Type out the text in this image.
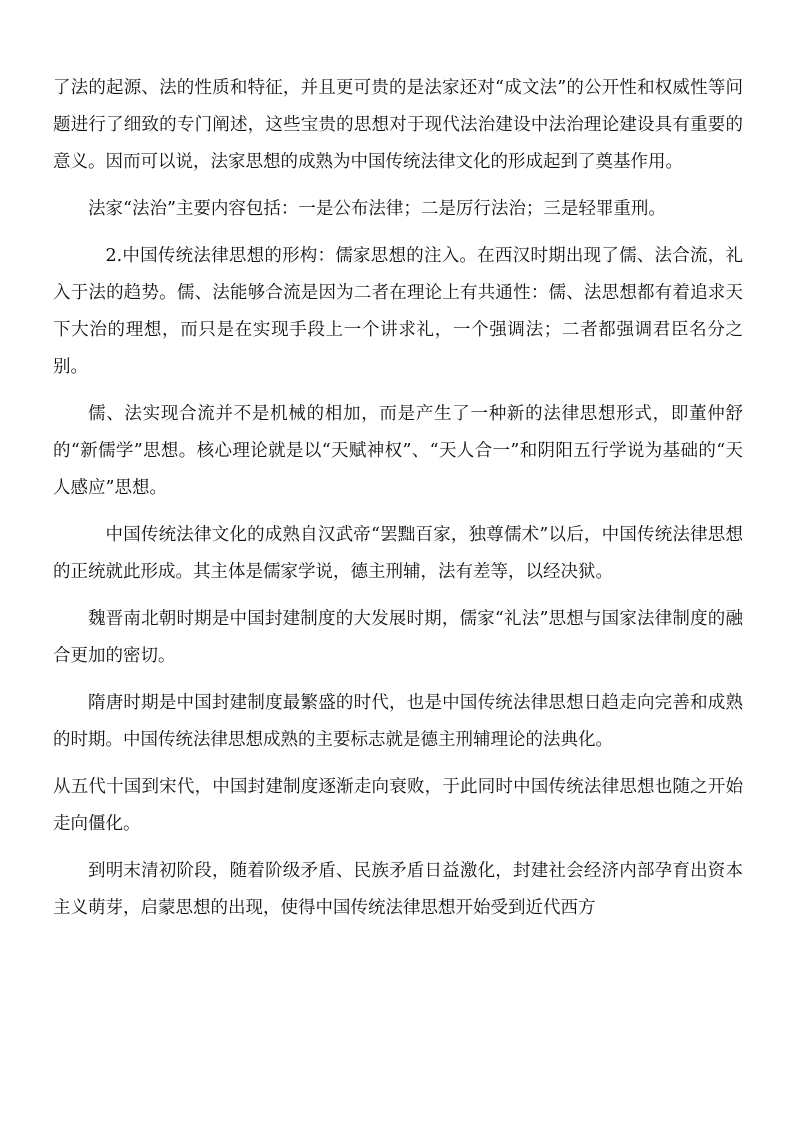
了法的起源、法的性质和特征，并且更可贵的是法家还对“成文法”的公开性和权威性等问题进行了细致的专门阐述，这些宝贵的思想对于现代法治建设中法治理论建设具有重要的意义。因而可以说，法家思想的成熟为中国传统法律文化的形成起到了奠基作用。

法家“法治”主要内容包括：一是公布法律；二是厉行法治；三是轻罪重刑。

2.中国传统法律思想的形构：儒家思想的注入。在西汉时期出现了儒、法合流，礼入于法的趋势。儒、法能够合流是因为二者在理论上有共通性：儒、法思想都有着追求天下大治的理想，而只是在实现手段上一个讲求礼，一个强调法；二者都强调君臣名分之别。

儒、法实现合流并不是机械的相加，而是产生了一种新的法律思想形式，即董仲舒的“新儒学”思想。核心理论就是以“天赋神权”、“天人合一”和阴阳五行学说为基础的“天人感应”思想。

中国传统法律文化的成熟自汉武帝“罢黜百家，独尊儒术”以后，中国传统法律思想的正统就此形成。其主体是儒家学说，德主刑辅，法有差等，以经决狱。

魏晋南北朝时期是中国封建制度的大发展时期，儒家“礼法”思想与国家法律制度的融合更加的密切。

隋唐时期是中国封建制度最繁盛的时代，也是中国传统法律思想日趋走向完善和成熟的时期。中国传统法律思想成熟的主要标志就是德主刑辅理论的法典化。

从五代十国到宋代，中国封建制度逐渐走向衰败，于此同时中国传统法律思想也随之开始走向僵化。

到明末清初阶段，随着阶级矛盾、民族矛盾日益激化，封建社会经济内部孕育出资本主义萌芽，启蒙思想的出现，使得中国传统法律思想开始受到近代西方
